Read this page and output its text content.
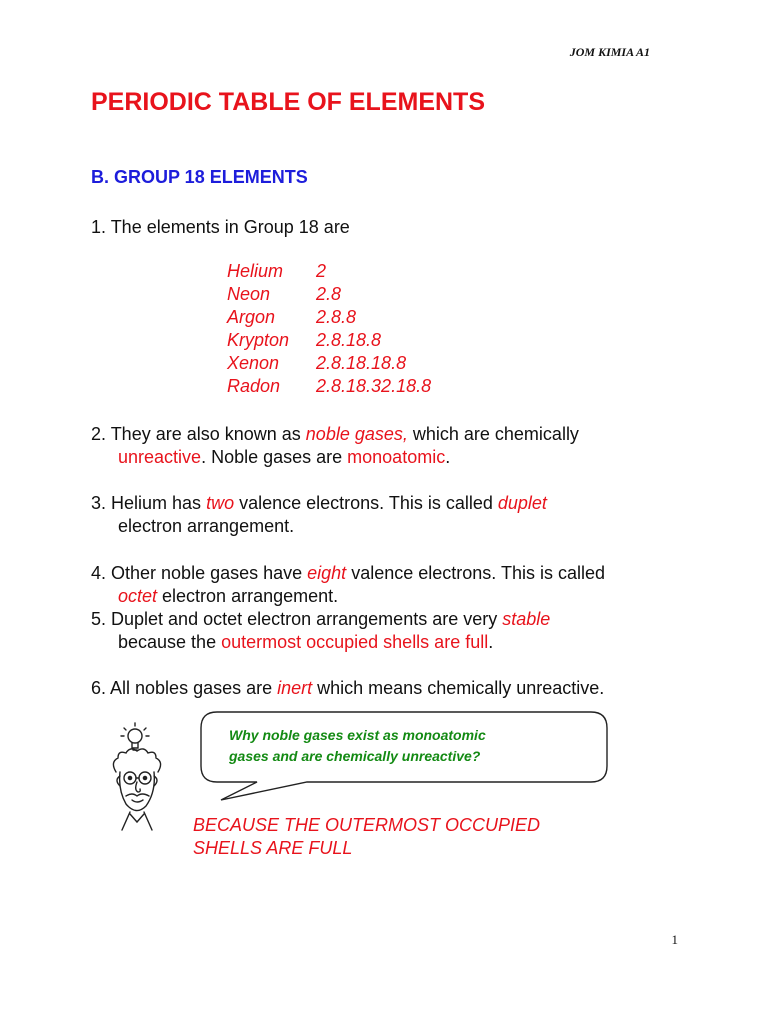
JOM KIMIA A1
PERIODIC TABLE OF ELEMENTS
B. GROUP 18 ELEMENTS

1. The elements in Group 18 are

Helium	2
Neon	2.8
Argon	2.8.8
Krypton	2.8.18.8
Xenon	2.8.18.18.8
Radon	2.8.18.32.18.8

2. They are also known as noble gases, which are chemically
unreactive. Noble gases are monoatomic.

3. Helium has two valence electrons. This is called duplet
electron arrangement.

4. Other noble gases have eight valence electrons. This is called
octet electron arrangement.

5. Duplet and octet electron arrangements are very stable
because the outermost occupied shells are full.

6. All nobles gases are inert which means chemically unreactive.

Why noble gases exist as monoatomic
gases and are chemically unreactive?

BECAUSE THE OUTERMOST OCCUPIED
SHELLS ARE FULL

1
